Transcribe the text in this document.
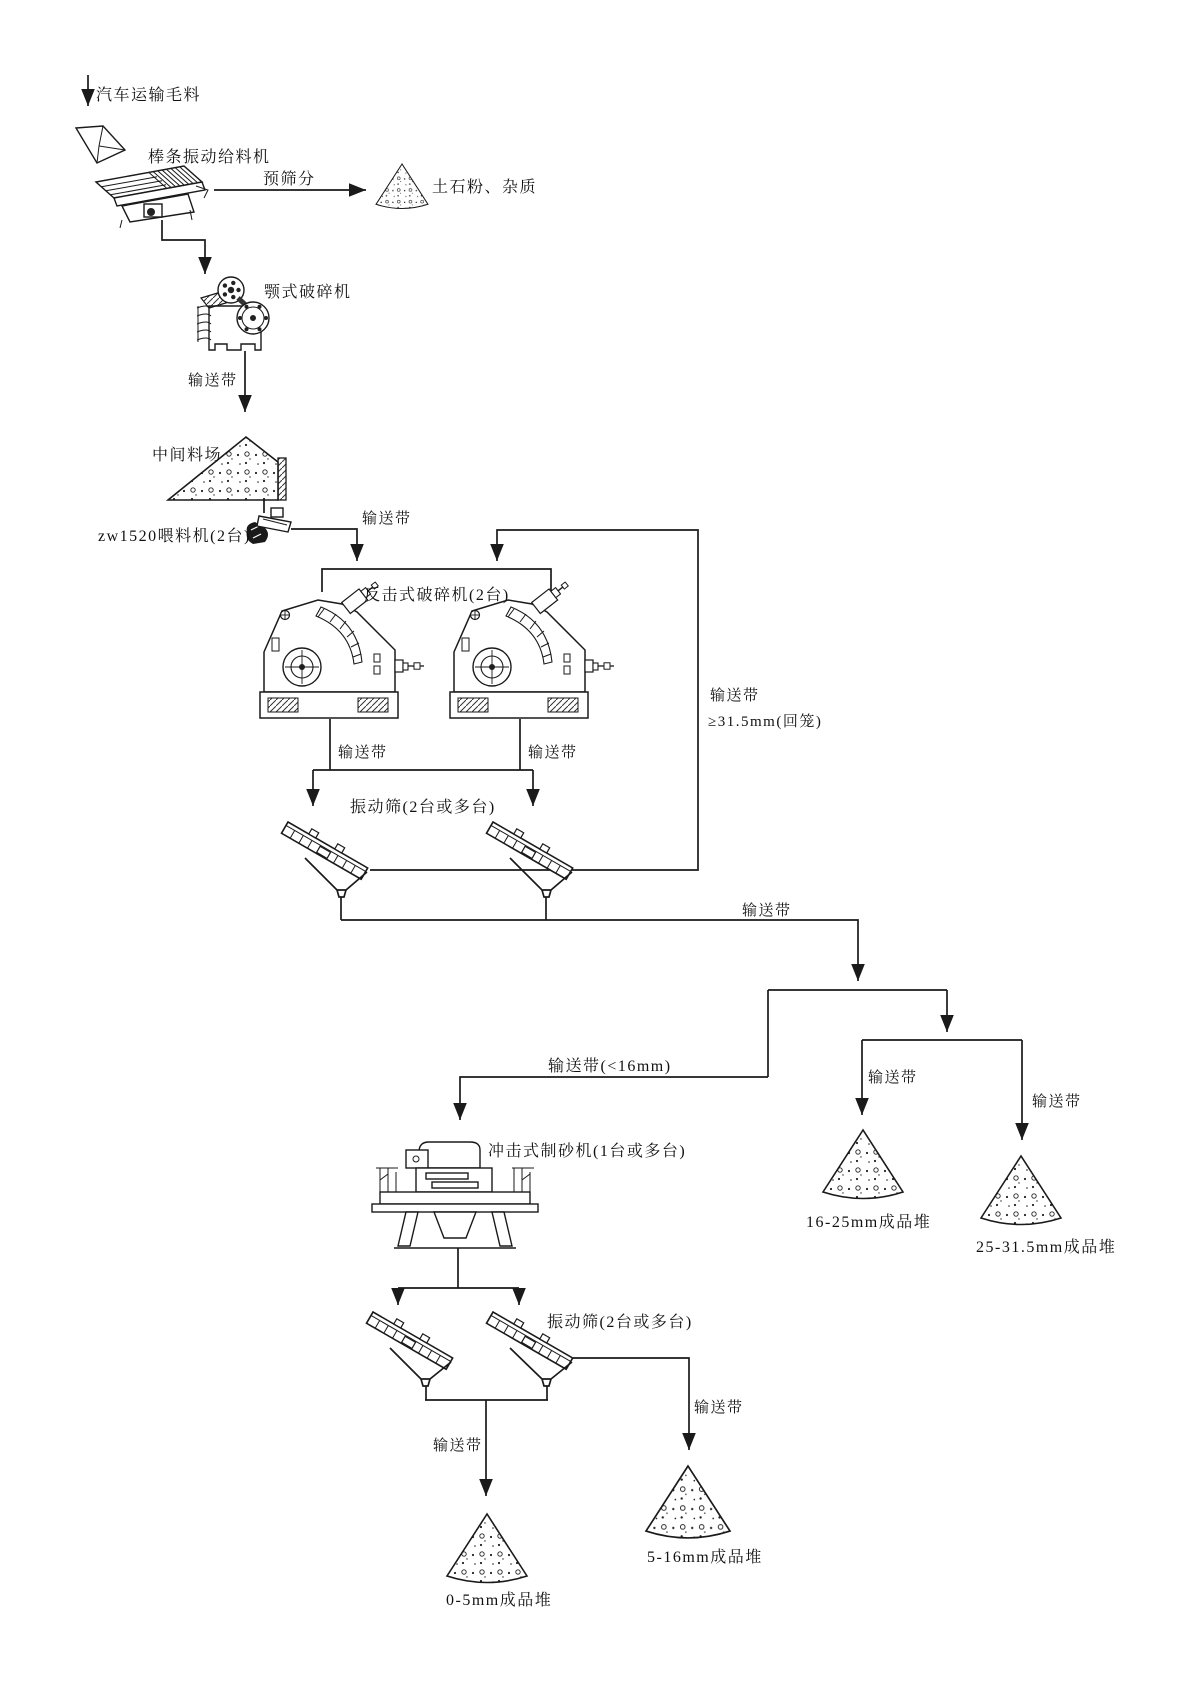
汽车运输毛料
棒条振动给料机
预筛分	土石粉、杂质
颚式破碎机
输送带
中间料场
zw1520喂料机(2台)
输送带
反击式破碎机(2台)
输送带
≥31.5mm(回笼)
输送带	输送带
振动筛(2台或多台)
输送带
输送带(<16mm)
输送带
输送带
冲击式制砂机(1台或多台)
16-25mm成品堆
25-31.5mm成品堆
振动筛(2台或多台)
输送带
输送带
0-5mm成品堆
5-16mm成品堆
